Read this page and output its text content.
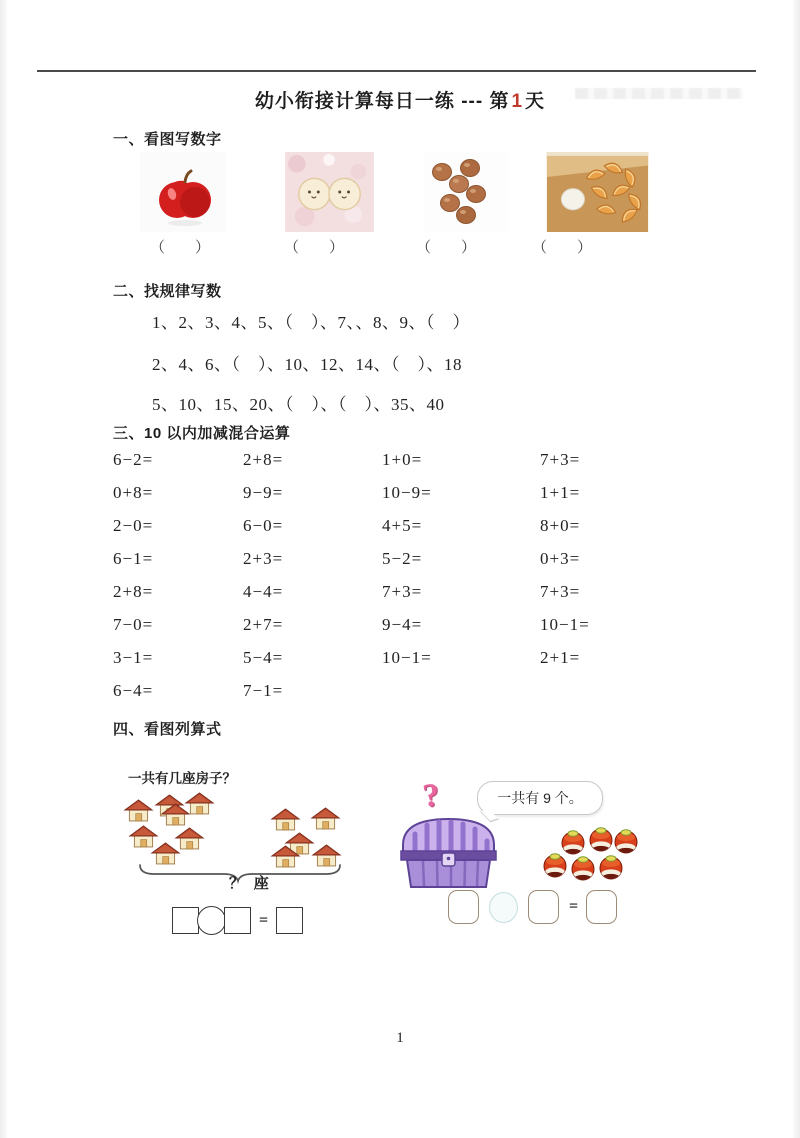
幼小衔接计算每日一练 --- 第 1 天
一、看图写数字
（　　）	（　　）	（　　）	（　　）
二、找规律写数
1、2、3、4、5、（　）、7、、8、9、（　）
2、4、6、（　）、10、12、14、（　）、18
5、10、15、20、（　）、（　）、35、40
三、10 以内加减混合运算
6−2=	2+8=	1+0=	7+3=
0+8=	9−9=	10−9=	1+1=
2−0=	6−0=	4+5=	8+0=
6−1=	2+3=	5−2=	0+3=
2+8=	4−4=	7+3=	7+3=
7−0=	2+7=	9−4=	10−1=
3−1=	5−4=	10−1=	2+1=
6−4=	7−1=
四、看图列算式
一共有几座房子？
？ 座
=
?	一共有 9 个。
=
1
